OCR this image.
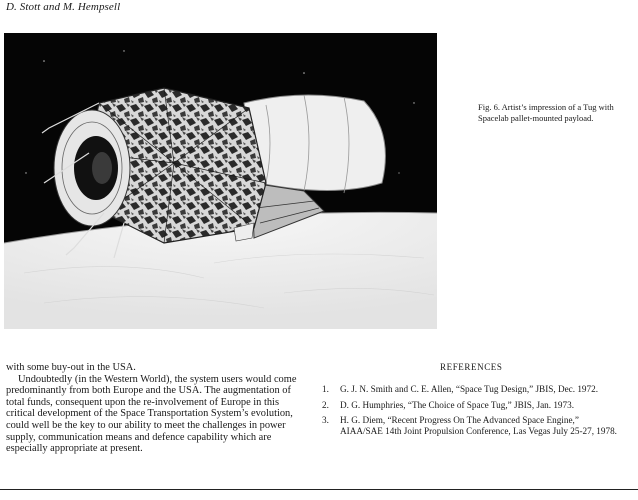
D. Stott and M. Hempsell
Fig. 6. Artist’s impression of a Tug with Spacelab pallet-mounted payload.

with some buy-out in the USA.

Undoubtedly (in the Western World), the system users would come predominantly from both Europe and the USA. The augmentation of total funds, consequent upon the re-involvement of Europe in this critical development of the Space Transportation System’s evolution, could well be the key to our ability to meet the challenges in power supply, communication means and defence capability which are especially appropriate at present.

REFERENCES
1. G. J. N. Smith and C. E. Allen, “Space Tug Design,” JBIS, Dec. 1972.
2. D. G. Humphries, “The Choice of Space Tug,” JBIS, Jan. 1973.
3. H. G. Diem, “Recent Progress On The Advanced Space Engine,” AIAA/SAE 14th Joint Propulsion Conference, Las Vegas July 25-27, 1978.
